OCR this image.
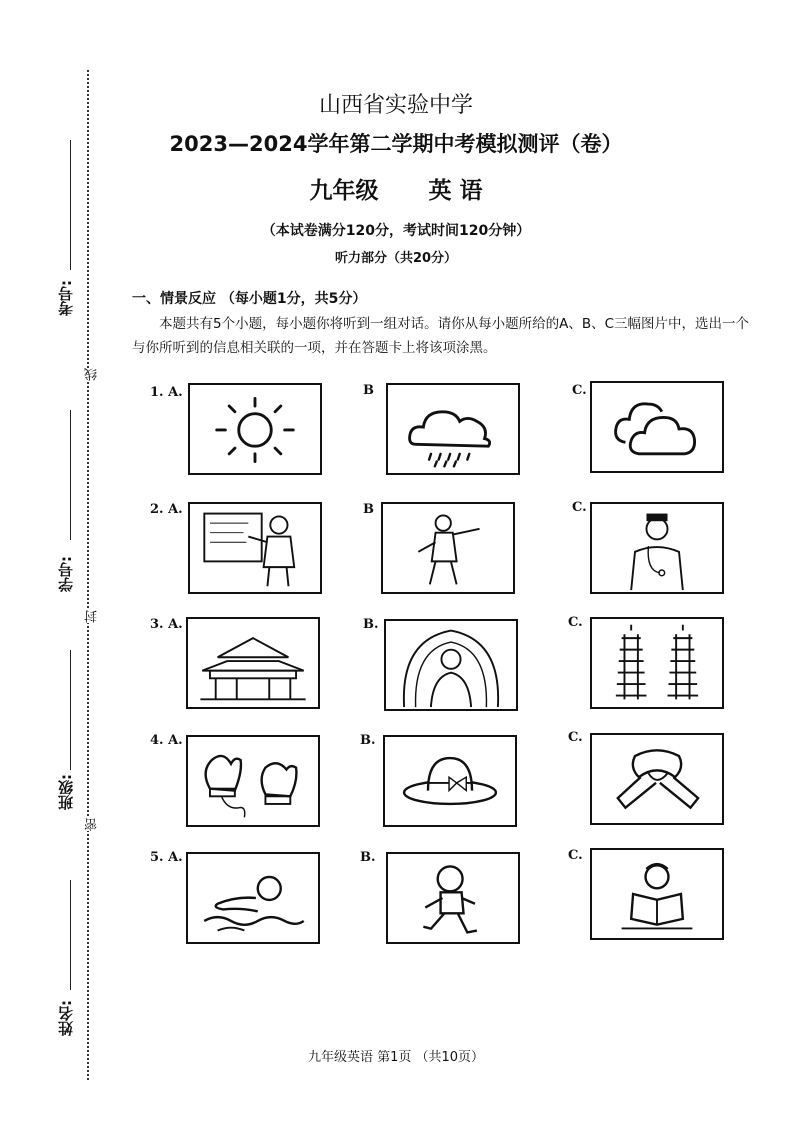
考号:
线
学号:
封
班级:
密
姓名:
山西省实验中学
2023—2024学年第二学期中考模拟测评（卷）
九年级 英 语
（本试卷满分120分，考试时间120分钟）
听力部分（共20分）
一、情景反应 （每小题1分，共5分）
本题共有5个小题，每小题你将听到一组对话。请你从每小题所给的A、B、C三幅图片中，选出一个与你所听到的信息相关联的一项，并在答题卡上将该项涂黑。
1. A.	B	C.
2. A.	B	C.
3. A.	B.	C.
4. A.	B.	C.
5. A.	B.	C.
九年级英语 第1页 （共10页）
